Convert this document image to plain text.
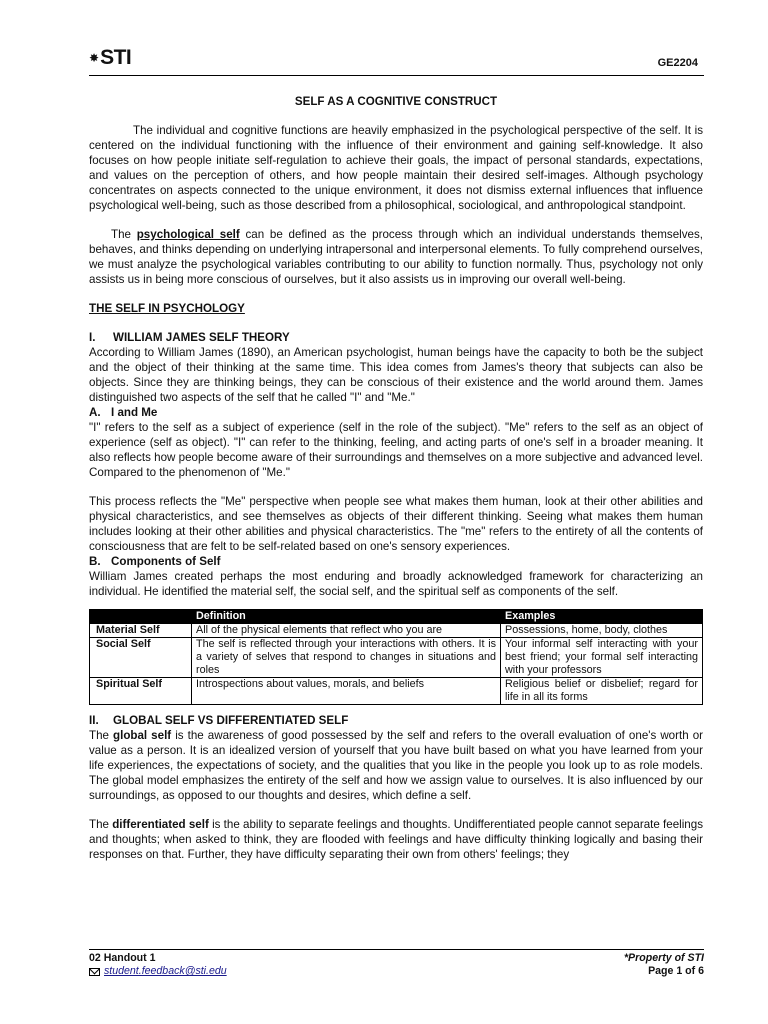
✸ STI	GE2204
SELF AS A COGNITIVE CONSTRUCT

The individual and cognitive functions are heavily emphasized in the psychological perspective of the self. It is centered on the individual functioning with the influence of their environment and gaining self-knowledge. It also focuses on how people initiate self-regulation to achieve their goals, the impact of personal standards, expectations, and values on the perception of others, and how people maintain their desired self-images. Although psychology concentrates on aspects connected to the unique environment, it does not dismiss external influences that influence psychological well-being, such as those described from a philosophical, sociological, and anthropological standpoint.

The psychological self can be defined as the process through which an individual understands themselves, behaves, and thinks depending on underlying intrapersonal and interpersonal elements. To fully comprehend ourselves, we must analyze the psychological variables contributing to our ability to function normally. Thus, psychology not only assists us in being more conscious of ourselves, but it also assists us in improving our overall well-being.

THE SELF IN PSYCHOLOGY

I. WILLIAM JAMES SELF THEORY

According to William James (1890), an American psychologist, human beings have the capacity to both be the subject and the object of their thinking at the same time. This idea comes from James's theory that subjects can also be objects. Since they are thinking beings, they can be conscious of their existence and the world around them. James distinguished two aspects of the self that he called "I" and "Me."

A. I and Me

"I" refers to the self as a subject of experience (self in the role of the subject). "Me" refers to the self as an object of experience (self as object). "I" can refer to the thinking, feeling, and acting parts of one's self in a broader meaning. It also reflects how people become aware of their surroundings and themselves on a more subjective and advanced level. Compared to the phenomenon of "Me."

This process reflects the "Me" perspective when people see what makes them human, look at their other abilities and physical characteristics, and see themselves as objects of their different thinking. Seeing what makes them human includes looking at their other abilities and physical characteristics. The "me" refers to the entirety of all the contents of consciousness that are felt to be self-related based on one's sensory experiences.

B. Components of Self

William James created perhaps the most enduring and broadly acknowledged framework for characterizing an individual. He identified the material self, the social self, and the spiritual self as components of the self.

	Definition	Examples
Material Self	All of the physical elements that reflect who you are	Possessions, home, body, clothes
Social Self	The self is reflected through your interactions with others. It is a variety of selves that respond to changes in situations and roles	Your informal self interacting with your best friend; your formal self interacting with your professors
Spiritual Self	Introspections about values, morals, and beliefs	Religious belief or disbelief; regard for life in all its forms

II. GLOBAL SELF VS DIFFERENTIATED SELF

The global self is the awareness of good possessed by the self and refers to the overall evaluation of one's worth or value as a person. It is an idealized version of yourself that you have built based on what you have learned from your life experiences, the expectations of society, and the qualities that you like in the people you look up to as role models. The global model emphasizes the entirety of the self and how we assign value to ourselves. It is also influenced by our surroundings, as opposed to our thoughts and desires, which define a self.

The differentiated self is the ability to separate feelings and thoughts. Undifferentiated people cannot separate feelings and thoughts; when asked to think, they are flooded with feelings and have difficulty thinking logically and basing their responses on that. Further, they have difficulty separating their own from others' feelings; they

02 Handout 1
student.feedback@sti.edu
*Property of STI
Page 1 of 6
